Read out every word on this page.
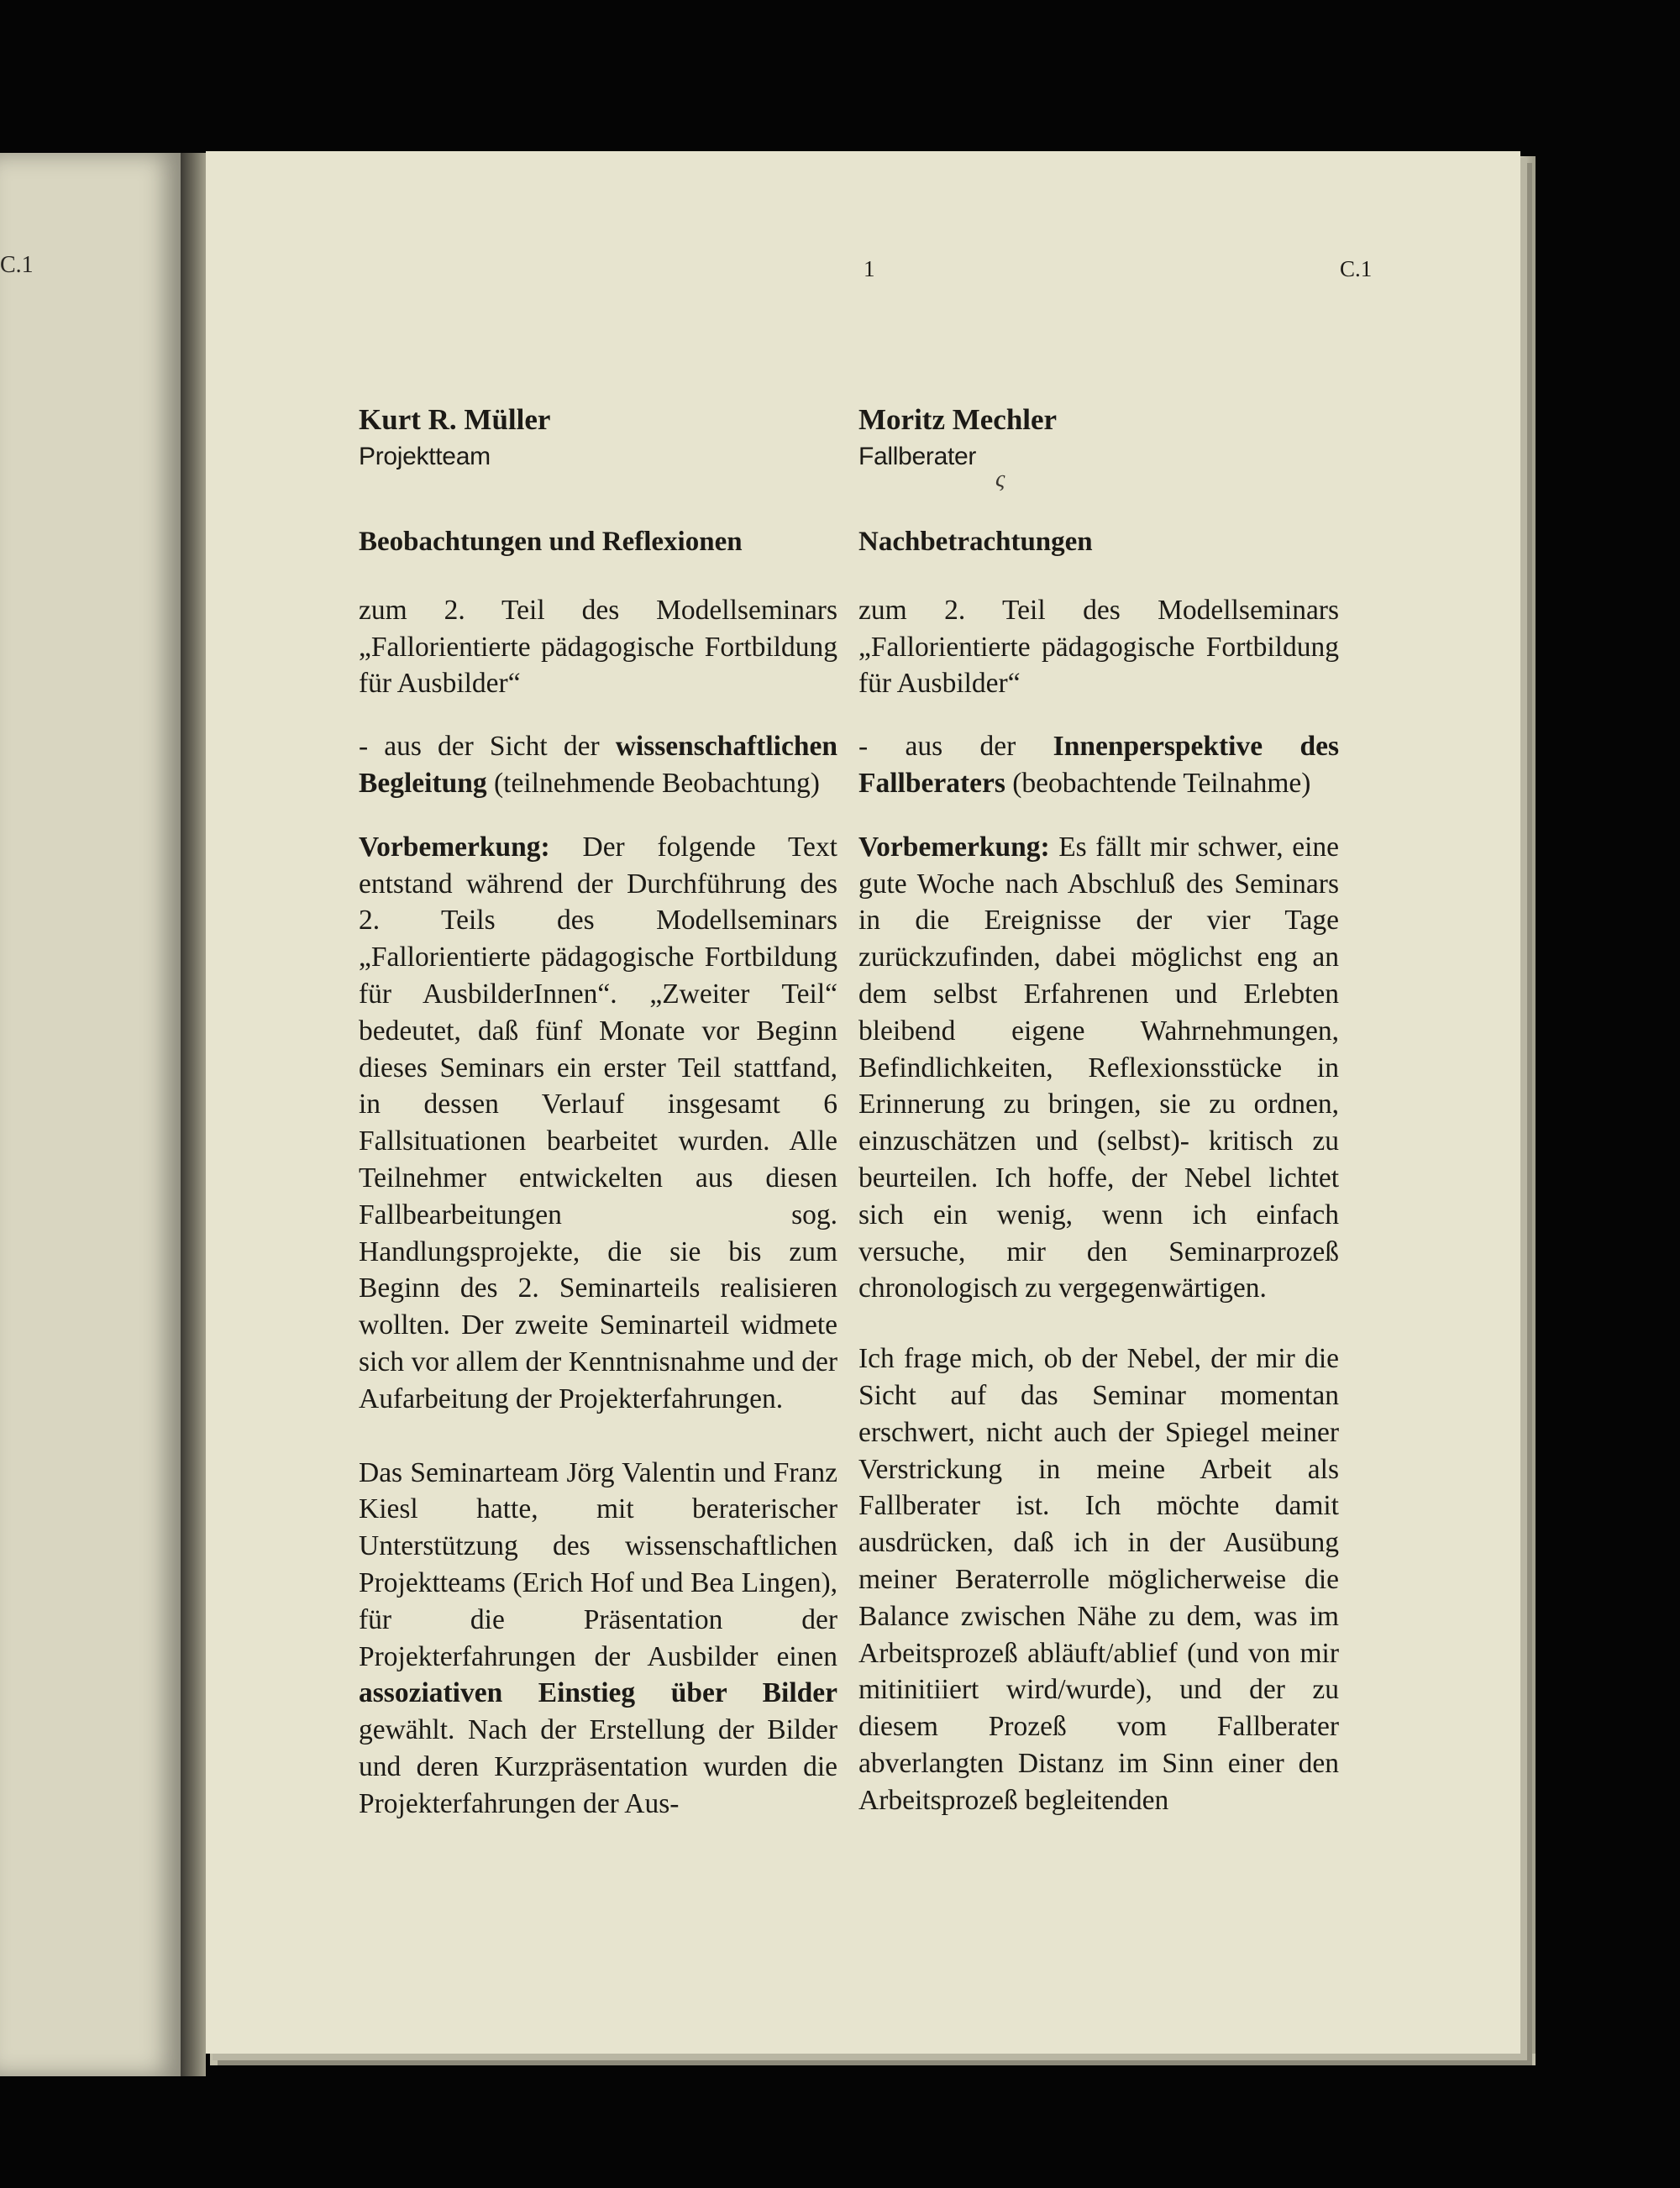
C.1	1	C.1
ς
Kurt R. Müller
Projektteam
Beobachtungen und Reflexionen

zum 2. Teil des Modellseminars „Fallorientierte pädagogische Fortbildung für Ausbilder“

- aus der Sicht der wissenschaftlichen Begleitung (teilnehmende Beobachtung)

Vorbemerkung: Der folgende Text entstand während der Durchführung des 2. Teils des Modellseminars „Fallorientierte pädagogische Fortbildung für AusbilderInnen“. „Zweiter Teil“ bedeutet, daß fünf Monate vor Beginn dieses Seminars ein erster Teil stattfand, in dessen Verlauf insgesamt 6 Fallsituationen bearbeitet wurden. Alle Teilnehmer entwickelten aus diesen Fallbearbeitungen sog. Handlungsprojekte, die sie bis zum Beginn des 2. Seminarteils realisieren wollten. Der zweite Seminarteil widmete sich vor allem der Kenntnisnahme und der Aufarbeitung der Projekterfahrungen.

Das Seminarteam Jörg Valentin und Franz Kiesl hatte, mit beraterischer Unterstützung des wissenschaftlichen Projektteams (Erich Hof und Bea Lingen), für die Präsentation der Projekterfahrungen der Ausbilder einen assoziativen Einstieg über Bilder gewählt. Nach der Erstellung der Bilder und deren Kurzpräsentation wurden die Projekterfahrungen der Aus-

Moritz Mechler
Fallberater
Nachbetrachtungen

zum 2. Teil des Modellseminars „Fallorientierte pädagogische Fortbildung für Ausbilder“

- aus der Innenperspektive des Fallberaters (beobachtende Teilnahme)

Vorbemerkung: Es fällt mir schwer, eine gute Woche nach Abschluß des Seminars in die Ereignisse der vier Tage zurückzufinden, dabei möglichst eng an dem selbst Erfahrenen und Erlebten bleibend eigene Wahrnehmungen, Befindlichkeiten, Reflexionsstücke in Erinnerung zu bringen, sie zu ordnen, einzuschätzen und (selbst)- kritisch zu beurteilen. Ich hoffe, der Nebel lichtet sich ein wenig, wenn ich einfach versuche, mir den Seminarprozeß chronologisch zu vergegenwärtigen.

Ich frage mich, ob der Nebel, der mir die Sicht auf das Seminar momentan erschwert, nicht auch der Spiegel meiner Verstrickung in meine Arbeit als Fallberater ist. Ich möchte damit ausdrücken, daß ich in der Ausübung meiner Beraterrolle möglicherweise die Balance zwischen Nähe zu dem, was im Arbeitsprozeß abläuft/ablief (und von mir mitinitiiert wird/wurde), und der zu diesem Prozeß vom Fallberater abverlangten Distanz im Sinn einer den Arbeitsprozeß begleitenden
